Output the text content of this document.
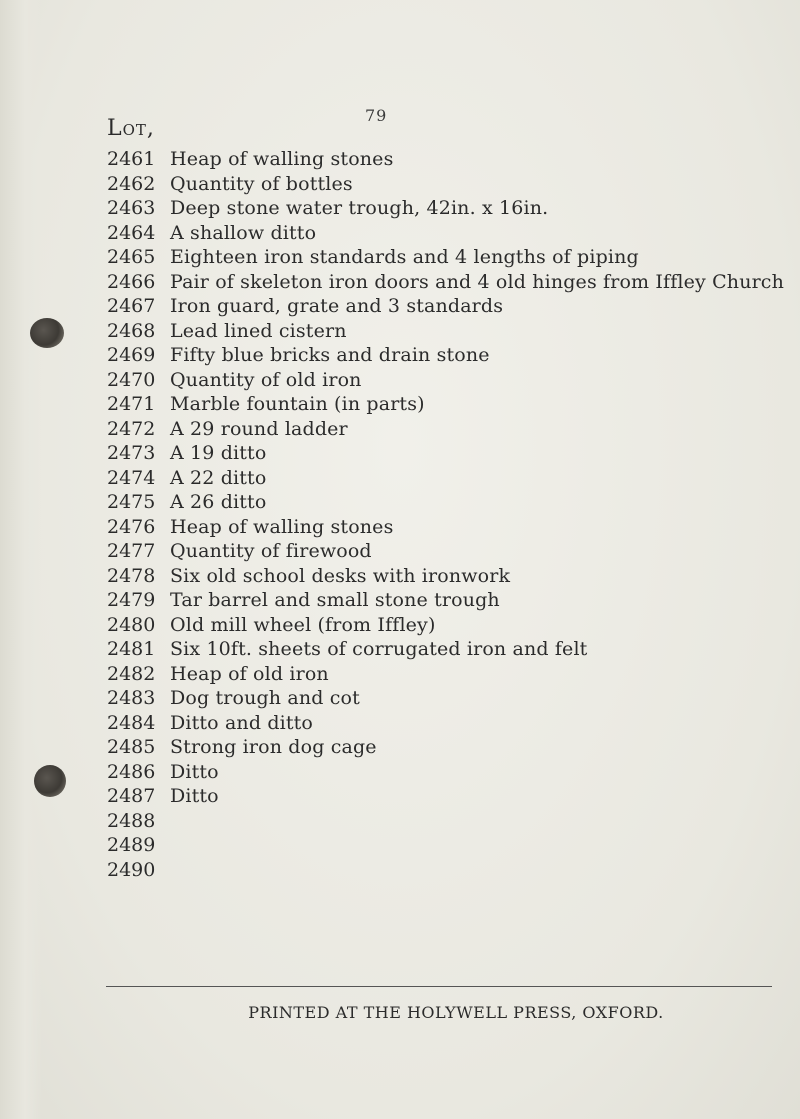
79
Lot,
2461 Heap of walling stones
2462 Quantity of bottles
2463 Deep stone water trough, 42in. x 16in.
2464 A shallow ditto
2465 Eighteen iron standards and 4 lengths of piping
2466 Pair of skeleton iron doors and 4 old hinges from Iffley Church
2467 Iron guard, grate and 3 standards
2468 Lead lined cistern
2469 Fifty blue bricks and drain stone
2470 Quantity of old iron
2471 Marble fountain (in parts)
2472 A 29 round ladder
2473 A 19 ditto
2474 A 22 ditto
2475 A 26 ditto
2476 Heap of walling stones
2477 Quantity of firewood
2478 Six old school desks with ironwork
2479 Tar barrel and small stone trough
2480 Old mill wheel (from Iffley)
2481 Six 10ft. sheets of corrugated iron and felt
2482 Heap of old iron
2483 Dog trough and cot
2484 Ditto and ditto
2485 Strong iron dog cage
2486 Ditto
2487 Ditto
2488
2489
2490
PRINTED AT THE HOLYWELL PRESS, OXFORD.
